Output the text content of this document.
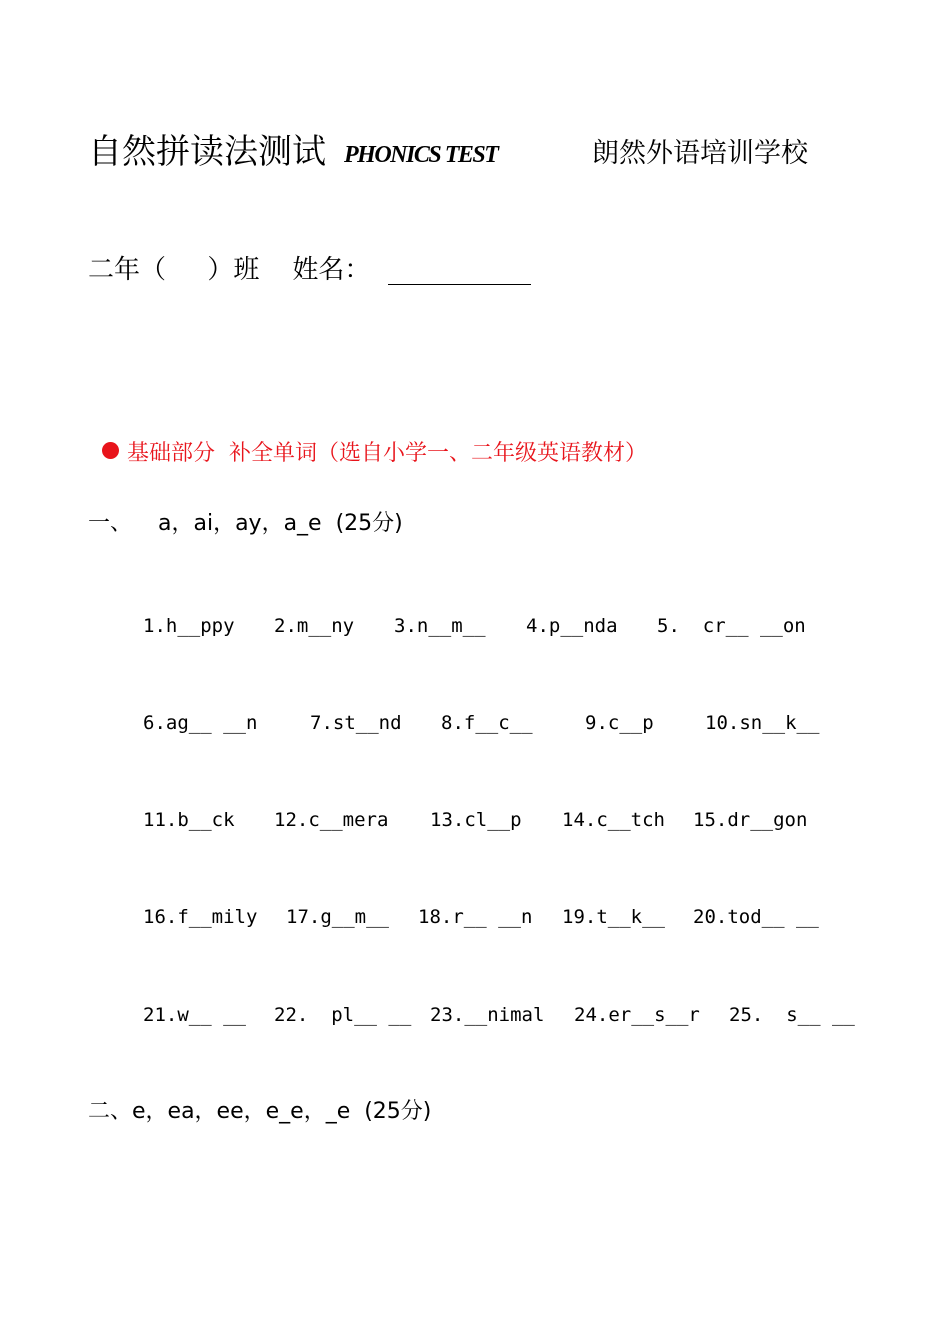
自然拼读法测试 PHONICS TEST	朗然外语培训学校
二年（     ）班    姓名：

基础部分  补全单词（选自小学一、二年级英语教材）

一、 a，ai，ay，a_e  (25分)
1.h__ppy 2.m__ny 3.n__m__ 4.p__nda 5.  cr__ __on
6.ag__ __n	7.st__nd 8.f__c__	9.c__p	10.sn__k__
11.b__ck 12.c__mera 13.cl__p 14.c__tch 15.dr__gon
16.f__mily 17.g__m__ 18.r__ __n 19.t__k__ 20.tod__ __
21.w__ __ 22.  pl__ __ 23.__nimal 24.er__s__r 25.  s__ __
二、e，ea，ee，e_e，_e  (25分)
